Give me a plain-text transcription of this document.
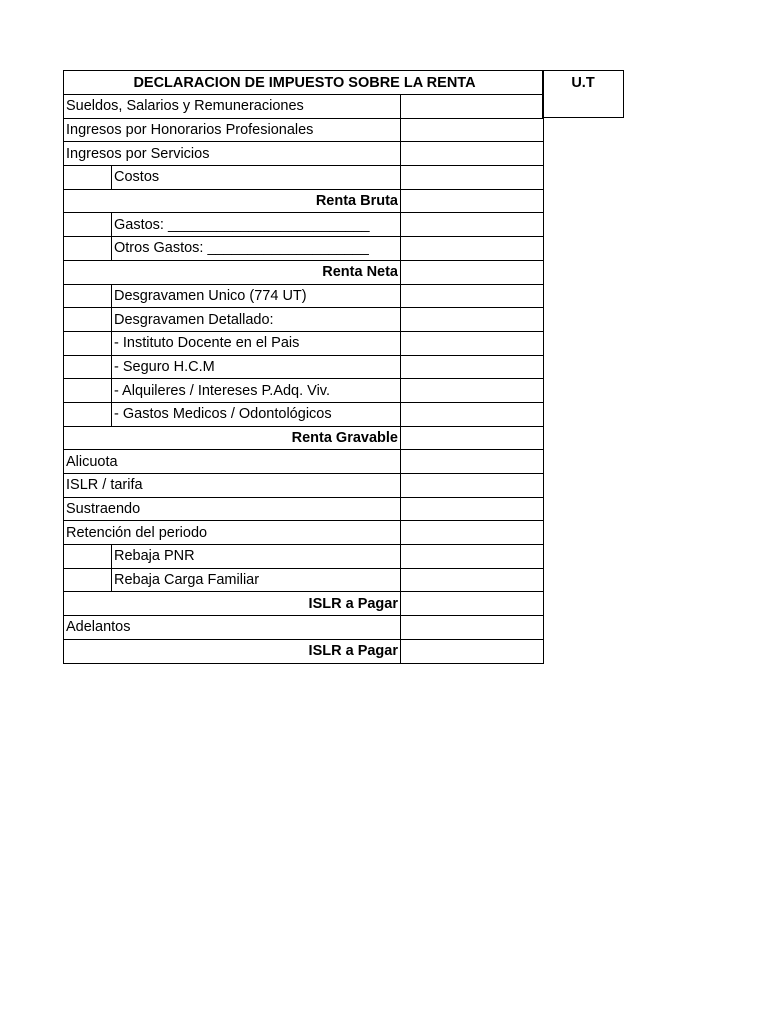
DECLARACION DE IMPUESTO SOBRE LA RENTA		
Sueldos, Salarios y Remuneraciones		
Ingresos por Honorarios Profesionales		
Ingresos por Servicios		
	Costos	
Renta Bruta		
	Gastos: _________________________	
	Otros Gastos: ____________________	
Renta Neta		
	Desgravamen Unico (774 UT)	
	Desgravamen Detallado:	
	- Instituto Docente en el Pais	
	- Seguro H.C.M	
	- Alquileres / Intereses P.Adq. Viv.	
	- Gastos Medicos / Odontológicos	
Renta Gravable		
Alicuota		
ISLR / tarifa		
Sustraendo		
Retención del periodo		
	Rebaja PNR	
	Rebaja Carga Familiar	
ISLR a Pagar		
Adelantos		
ISLR a Pagar		
U.T
